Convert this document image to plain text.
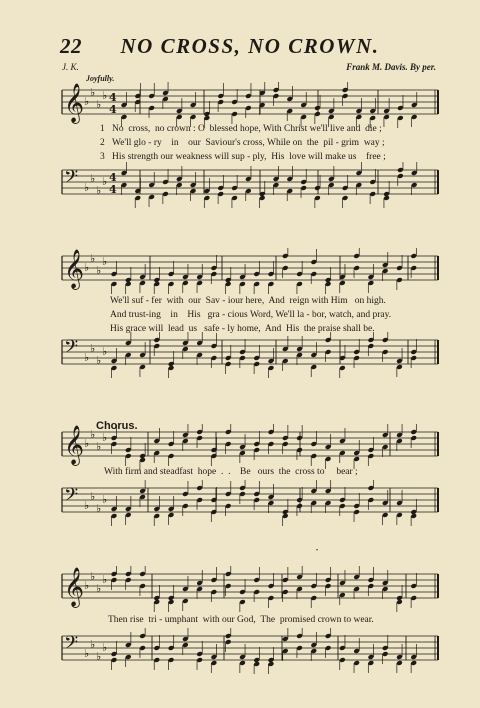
22	NO CROSS, NO CROWN.
J. K.	Frank M. Davis. By per.
Joyfully.
𝄞 ♭
♭
♭
♭ 4
4
1 No  cross,  no crown : O  blessed hope, With Christ we'll live and  die ;
2 We'll glo - ry    in    our  Saviour's cross, While on  the  pil - grim  way ;
3 His strength our weakness will sup - ply,  His  love will make us    free ;
𝄢 ♭
♭
♭
♭ 4
4
𝄞 ♭
♭
♭
♭
We'll suf - fer  with  our  Sav - iour here,  And  reign with Him   on high.
And trust-ing    in    His   gra - cious Word, We'll la - bor, watch, and pray.
His grace will  lead  us   safe - ly home,  And  His  the praise shall be.
𝄢 ♭
♭
♭
♭
Chorus.
𝄞 ♭
♭
♭
♭
With firm and steadfast  hope  .  .    Be   ours  the  cross to     bear ;
𝄢 ♭
♭
♭
♭
•
𝄞 ♭
♭
♭
♭
Then rise  tri - umphant  with our God,  The  promised crown to wear.
𝄢 ♭
♭
♭
♭
